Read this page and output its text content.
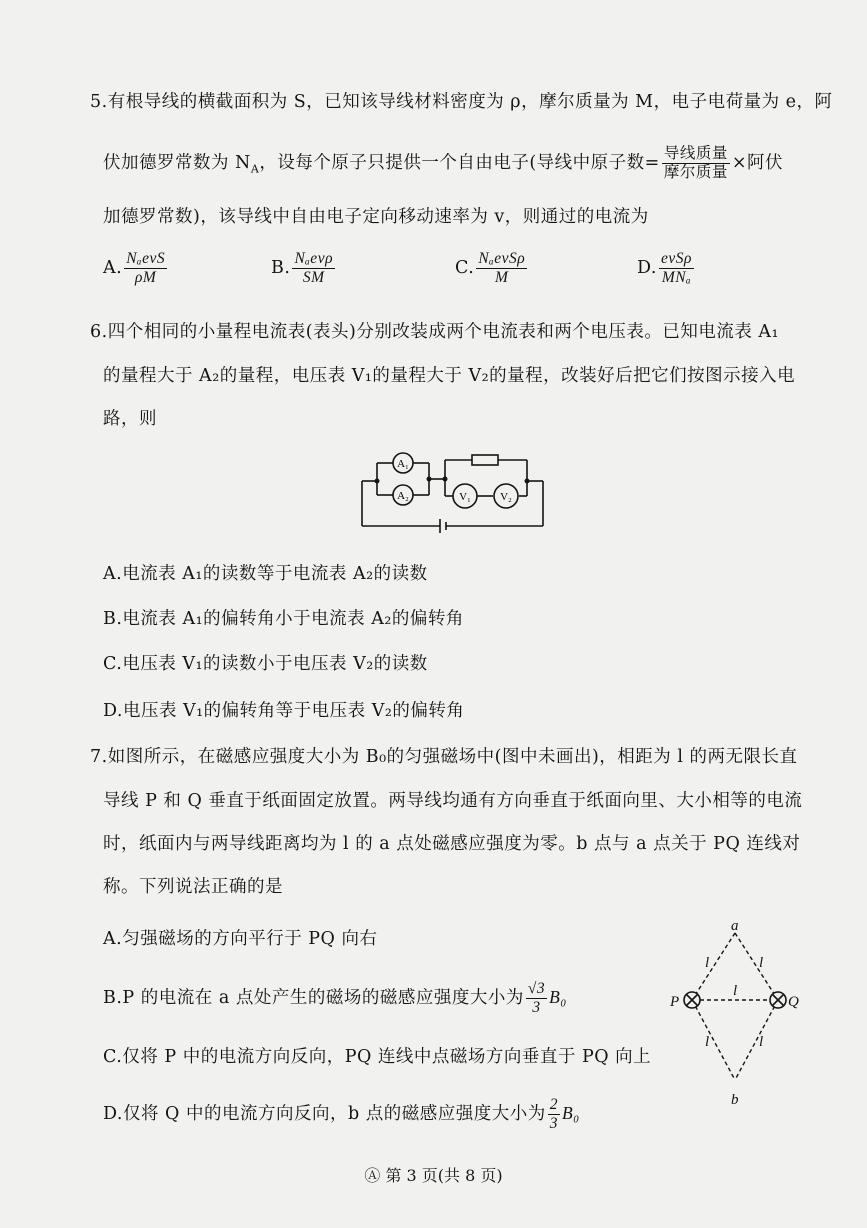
5.有根导线的横截面积为 S，已知该导线材料密度为 ρ，摩尔质量为 M，电子电荷量为 e，阿
伏加德罗常数为 $N_A$，设每个原子只提供一个自由电子(导线中原子数= $\frac{\text{导线质量}}{\text{摩尔质量}}$ ×阿伏
加德罗常数)，该导线中自由电子定向移动速率为 v，则通过的电流为
A. $\frac{\text{NₐevS}}{\rho M}$	B. $\frac{\text{Nₐevρ}}{SM}$	C. $\frac{\text{NₐevSρ}}{M}$	D. $\frac{\text{evSρ}}{\text{MNₐ}}$
6.四个相同的小量程电流表(表头)分别改装成两个电流表和两个电压表。已知电流表 A₁
的量程大于 A₂的量程，电压表 V₁的量程大于 V₂的量程，改装好后把它们按图示接入电
路，则
A₁
A₂	V₁	V₂
A.电流表 A₁的读数等于电流表 A₂的读数
B.电流表 A₁的偏转角小于电流表 A₂的偏转角
C.电压表 V₁的读数小于电压表 V₂的读数
D.电压表 V₁的偏转角等于电压表 V₂的偏转角
7.如图所示，在磁感应强度大小为 B₀的匀强磁场中(图中未画出)，相距为 l 的两无限长直
导线 P 和 Q 垂直于纸面固定放置。两导线均通有方向垂直于纸面向里、大小相等的电流
时，纸面内与两导线距离均为 l 的 a 点处磁感应强度为零。b 点与 a 点关于 PQ 连线对
称。下列说法正确的是
A.匀强磁场的方向平行于 PQ 向右
B.P 的电流在 a 点处产生的磁场的磁感应强度大小为 $\frac{√3}{3} B_0$
C.仅将 P 中的电流方向反向，PQ 连线中点磁场方向垂直于 PQ 向上
D.仅将 Q 中的电流方向反向，b 点的磁感应强度大小为 $\frac{2}{3} B_0$
a
b
P	Q
l	l
l
l	l
Ⓐ 第 3 页(共 8 页)
